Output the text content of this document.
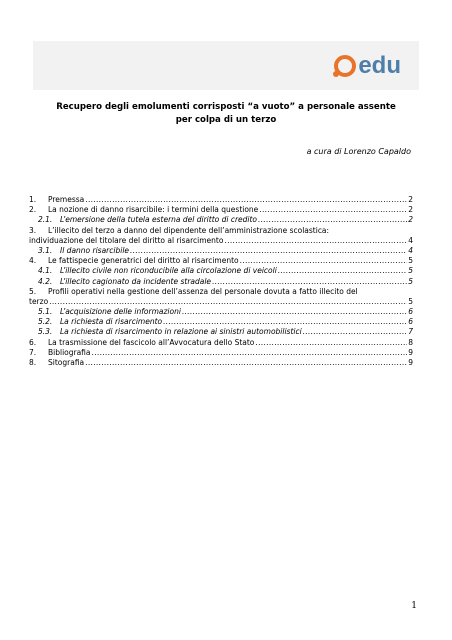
edu
Recupero degli emolumenti corrisposti “a vuoto” a personale assente
per colpa di un terzo
a cura di Lorenzo Capaldo
1.	Premessa .....	2
2.	La nozione di danno risarcibile: i termini della questione .....	2
2.1.	L’emersione della tutela esterna del diritto di credito .....	2
3. L’illecito del terzo a danno del dipendente dell’amministrazione scolastica:
individuazione del titolare del diritto al risarcimento .....	4
3.1.	Il danno risarcibile .....	4
4.	Le fattispecie generatrici del diritto al risarcimento .....	5
4.1.	L’illecito civile non riconducibile alla circolazione di veicoli .....	5
4.2.	L’illecito cagionato da incidente stradale .....	5
5. Profili operativi nella gestione dell’assenza del personale dovuta a fatto illecito del
terzo .....	5
5.1.	L’acquisizione delle informazioni .....	6
5.2.	La richiesta di risarcimento .....	6
5.3.	La richiesta di risarcimento in relazione ai sinistri automobilistici .....	7
6.	La trasmissione del fascicolo all’Avvocatura dello Stato .....	8
7.	Bibliografia .....	9
8.	Sitografia .....	9
1
